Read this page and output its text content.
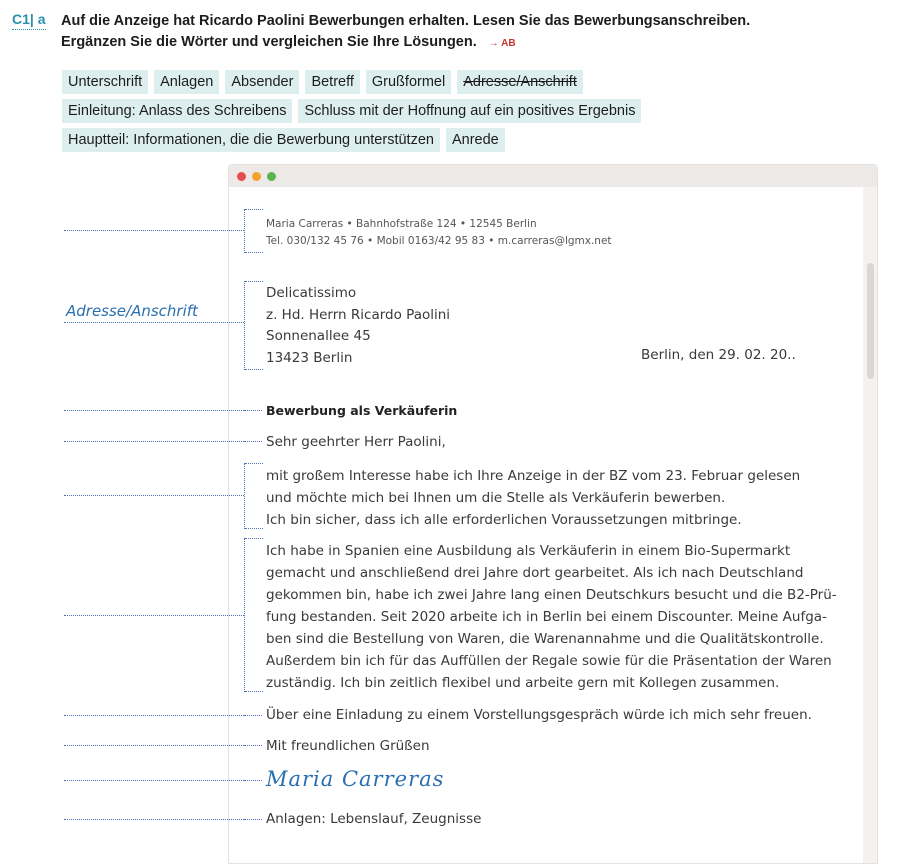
C1| a Auf die Anzeige hat Ricardo Paolini Bewerbungen erhalten. Lesen Sie das Bewerbungsanschreiben.
Ergänzen Sie die Wörter und vergleichen Sie Ihre Lösungen. → AB
Unterschrift	Anlagen	Absender	Betreff	Grußformel	Adresse/Anschrift
Einleitung: Anlass des Schreibens	Schluss mit der Hoffnung auf ein positives Ergebnis
Hauptteil: Informationen, die die Bewerbung unterstützen	Anrede
Adresse/Anschrift
Maria Carreras • Bahnhofstraße 124 • 12545 Berlin
Tel. 030/132 45 76 • Mobil 0163/42 95 83 • m.carreras@lgmx.net
Delicatissimo
z. Hd. Herrn Ricardo Paolini
Sonnenallee 45
13423 Berlin	Berlin, den 29. 02. 20..
Bewerbung als Verkäuferin
Sehr geehrter Herr Paolini,
mit großem Interesse habe ich Ihre Anzeige in der BZ vom 23. Februar gelesen
und möchte mich bei Ihnen um die Stelle als Verkäuferin bewerben.
Ich bin sicher, dass ich alle erforderlichen Voraussetzungen mitbringe.
Ich habe in Spanien eine Ausbildung als Verkäuferin in einem Bio-Supermarkt
gemacht und anschließend drei Jahre dort gearbeitet. Als ich nach Deutschland
gekommen bin, habe ich zwei Jahre lang einen Deutschkurs besucht und die B2-Prü-
fung bestanden. Seit 2020 arbeite ich in Berlin bei einem Discounter. Meine Aufga-
ben sind die Bestellung von Waren, die Warenannahme und die Qualitätskontrolle.
Außerdem bin ich für das Auffüllen der Regale sowie für die Präsentation der Waren
zuständig. Ich bin zeitlich flexibel und arbeite gern mit Kollegen zusammen.
Über eine Einladung zu einem Vorstellungsgespräch würde ich mich sehr freuen.
Mit freundlichen Grüßen
Maria Carreras
Anlagen: Lebenslauf, Zeugnisse
